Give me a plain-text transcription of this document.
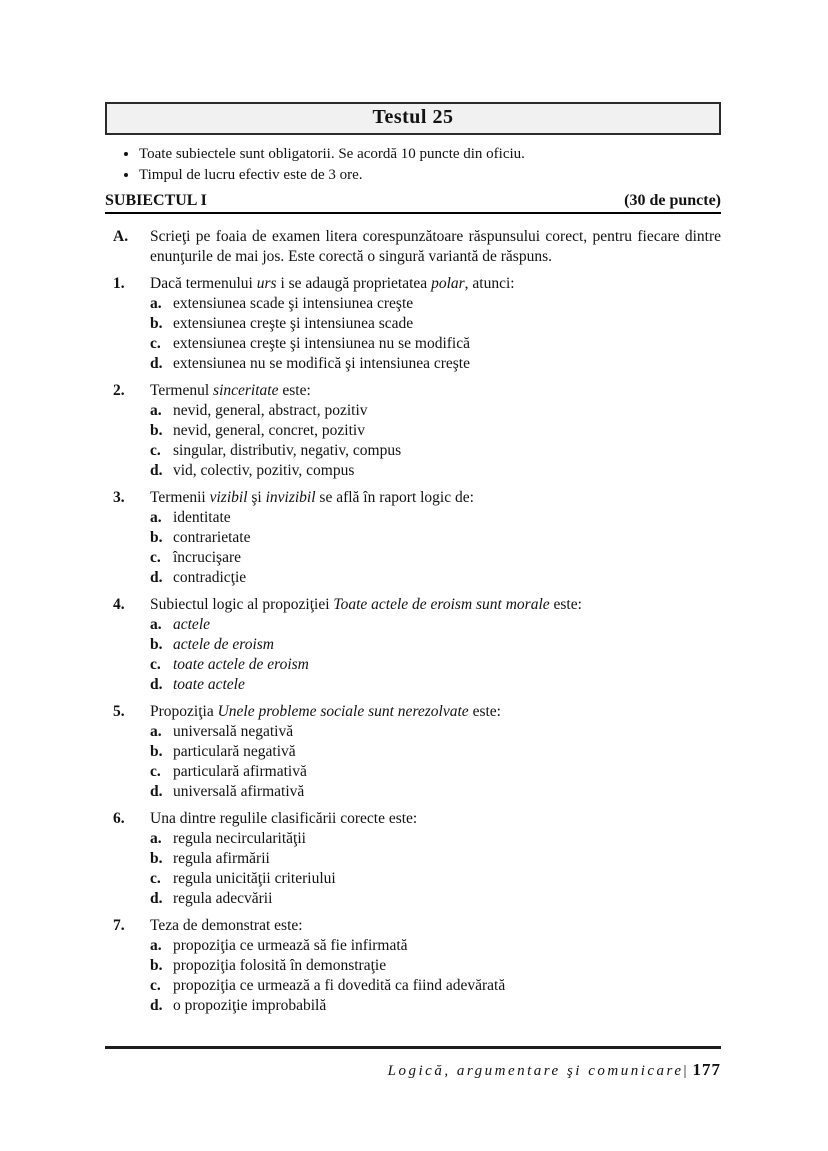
Testul 25
• Toate subiectele sunt obligatorii. Se acordă 10 puncte din oficiu.
• Timpul de lucru efectiv este de 3 ore.
SUBIECTUL I	(30 de puncte)
A.	Scrieţi pe foaia de examen litera corespunzătoare răspunsului corect, pentru fiecare dintre enunţurile de mai jos. Este corectă o singură variantă de răspuns.
1.	Dacă termenului urs i se adaugă proprietatea polar, atunci:
a. extensiunea scade şi intensiunea creşte
b. extensiunea creşte şi intensiunea scade
c. extensiunea creşte şi intensiunea nu se modifică
d. extensiunea nu se modifică şi intensiunea creşte
2.	Termenul sinceritate este:
a. nevid, general, abstract, pozitiv
b. nevid, general, concret, pozitiv
c. singular, distributiv, negativ, compus
d. vid, colectiv, pozitiv, compus
3.	Termenii vizibil şi invizibil se află în raport logic de:
a. identitate
b. contrarietate
c. încrucişare
d. contradicţie
4.	Subiectul logic al propoziţiei Toate actele de eroism sunt morale este:
a. actele
b. actele de eroism
c. toate actele de eroism
d. toate actele
5.	Propoziţia Unele probleme sociale sunt nerezolvate este:
a. universală negativă
b. particulară negativă
c. particulară afirmativă
d. universală afirmativă
6.	Una dintre regulile clasificării corecte este:
a. regula necircularităţii
b. regula afirmării
c. regula unicităţii criteriului
d. regula adecvării
7.	Teza de demonstrat este:
a. propoziţia ce urmează să fie infirmată
b. propoziţia folosită în demonstraţie
c. propoziţia ce urmează a fi dovedită ca fiind adevărată
d. o propoziţie improbabilă
Logică, argumentare şi comunicare| 177
